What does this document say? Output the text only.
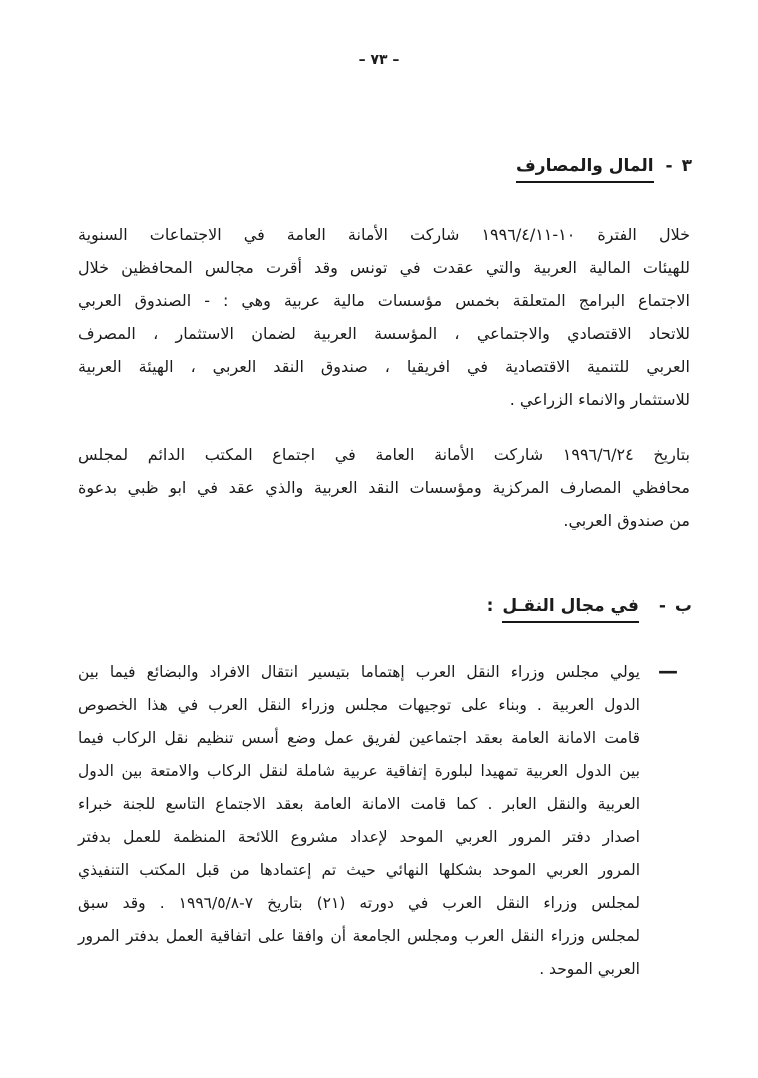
– ٧٣ –
٣-المال والمصارف
خلال الفترة ١٠‏-‏١١‏/‏٤‏/‏١٩٩٦ شاركت الأمانة العامة في الاجتماعات السنوية
للهيئات المالية العربية والتي عقدت في تونس وقد أقرت مجالس المحافظين خلال
الاجتماع البرامج المتعلقة بخمس مؤسسات مالية عربية وهي : - الصندوق العربي
للاتحاد الاقتصادي والاجتماعي ، المؤسسة العربية لضمان الاستثمار ، المصرف
العربي للتنمية الاقتصادية في افريقيا ، صندوق النقد العربي ، الهيئة العربية
للاستثمار والانماء الزراعي .
بتاريخ ٢٤‏/‏٦‏/‏١٩٩٦ شاركت الأمانة العامة في اجتماع المكتب الدائم لمجلس
محافظي المصارف المركزية ومؤسسات النقد العربية والذي عقد في ابو ظبي بدعوة
من صندوق العربي.
ب-في مجال النقـل:
—
يولي مجلس وزراء النقل العرب إهتماما بتيسير انتقال الافراد والبضائع فيما بين
الدول العربية . وبناء على توجيهات مجلس وزراء النقل العرب في هذا الخصوص
قامت الامانة العامة بعقد اجتماعين لفريق عمل وضع أسس تنظيم نقل الركاب فيما
بين الدول العربية تمهيدا لبلورة إتفاقية عربية شاملة لنقل الركاب والامتعة بين الدول
العربية والنقل العابر . كما قامت الامانة العامة بعقد الاجتماع التاسع للجنة خبراء
اصدار دفتر المرور العربي الموحد لإعداد مشروع اللائحة المنظمة للعمل بدفتر
المرور العربي الموحد بشكلها النهائي حيث تم إعتمادها من قبل المكتب التنفيذي
لمجلس وزراء النقل العرب في دورته (٢١) بتاريخ ٧‏-‏٨‏/‏٥‏/‏١٩٩٦ . وقد سبق
لمجلس وزراء النقل العرب ومجلس الجامعة أن وافقا على اتفاقية العمل بدفتر المرور
العربي الموحد .
